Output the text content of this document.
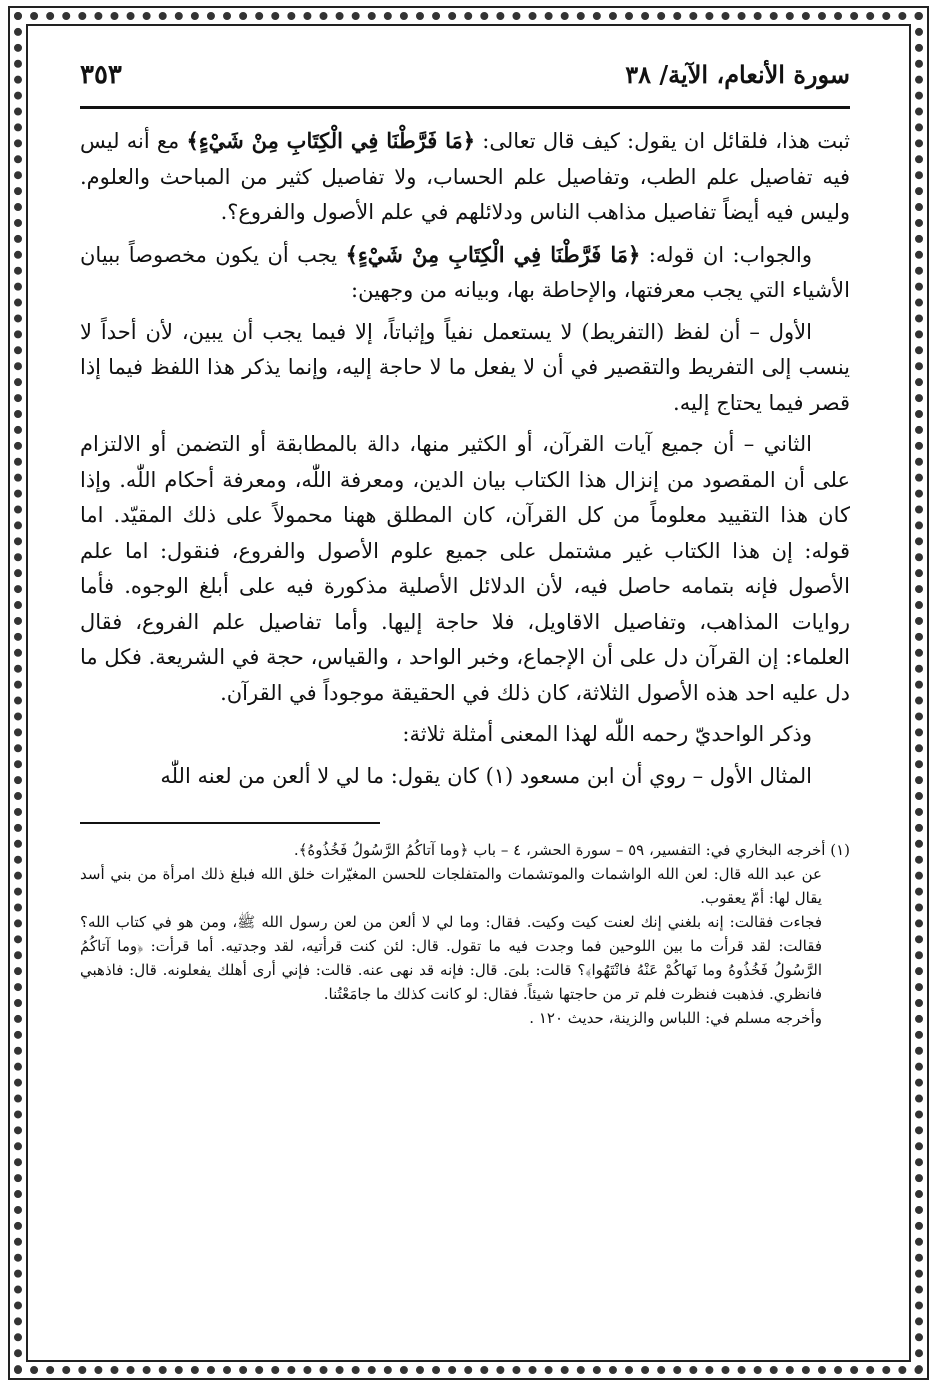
سورة الأنعام، الآية/ ٣٨
٣٥٣

ثبت هذا، فلقائل ان يقول: كيف قال تعالى: ﴿مَا فَرَّطْنَا فِي الْكِتَابِ مِنْ شَيْءٍ﴾ مع أنه ليس فيه تفاصيل علم الطب، وتفاصيل علم الحساب، ولا تفاصيل كثير من المباحث والعلوم. وليس فيه أيضاً تفاصيل مذاهب الناس ودلائلهم في علم الأصول والفروع؟.

والجواب: ان قوله: ﴿مَا فَرَّطْنَا فِي الْكِتَابِ مِنْ شَيْءٍ﴾ يجب أن يكون مخصوصاً ببيان الأشياء التي يجب معرفتها، والإحاطة بها، وبيانه من وجهين:

الأول – أن لفظ (التفريط) لا يستعمل نفياً وإثباتاً، إلا فيما يجب أن يبين، لأن أحداً لا ينسب إلى التفريط والتقصير في أن لا يفعل ما لا حاجة إليه، وإنما يذكر هذا اللفظ فيما إذا قصر فيما يحتاج إليه.

الثاني – أن جميع آيات القرآن، أو الكثير منها، دالة بالمطابقة أو التضمن أو الالتزام على أن المقصود من إنزال هذا الكتاب بيان الدين، ومعرفة اللّٰه، ومعرفة أحكام اللّٰه. وإذا كان هذا التقييد معلوماً من كل القرآن، كان المطلق ههنا محمولاً على ذلك المقيّد. اما قوله: إن هذا الكتاب غير مشتمل على جميع علوم الأصول والفروع، فنقول: اما علم الأصول فإنه بتمامه حاصل فيه، لأن الدلائل الأصلية مذكورة فيه على أبلغ الوجوه. فأما روايات المذاهب، وتفاصيل الاقاويل، فلا حاجة إليها. وأما تفاصيل علم الفروع، فقال العلماء: إن القرآن دل على أن الإجماع، وخبر الواحد ، والقياس، حجة في الشريعة. فكل ما دل عليه احد هذه الأصول الثلاثة، كان ذلك في الحقيقة موجوداً في القرآن.

وذكر الواحديّ رحمه اللّٰه لهذا المعنى أمثلة ثلاثة:

المثال الأول – روي أن ابن مسعود (١) كان يقول: ما لي لا ألعن من لعنه اللّٰه

(١) أخرجه البخاري في: التفسير، ٥٩ – سورة الحشر، ٤ – باب ﴿وما آتاكُمُ الرَّسُولُ فَخُذُوهُ﴾.

عن عبد الله قال: لعن الله الواشمات والموتشمات والمتفلجات للحسن المغيّرات خلق الله فبلغ ذلك امرأة من بني أسد يقال لها: أمّ يعقوب.

فجاءت فقالت: إنه بلغني إنك لعنت كيت وكيت. فقال: وما لي لا ألعن من لعن رسول الله ﷺ، ومن هو في كتاب الله؟ فقالت: لقد قرأت ما بين اللوحين فما وجدت فيه ما تقول. قال: لئن كنت قرأتيه، لقد وجدتيه. أما قرأت: ﴿وما آتاكُمُ الرَّسُولُ فَخُذُوهُ وما نَهاكُمْ عَنْهُ فانْتَهُوا﴾؟ قالت: بلىَ. قال: فإنه قد نهى عنه. قالت: فإني أرى أهلك يفعلونه. قال: فاذهبي فانظري. فذهبت فنظرت فلم تر من حاجتها شيئاً. فقال: لو كانت كذلك ما جامَعْتُنا.

وأخرجه مسلم في: اللباس والزينة، حديث ١٢٠ .
